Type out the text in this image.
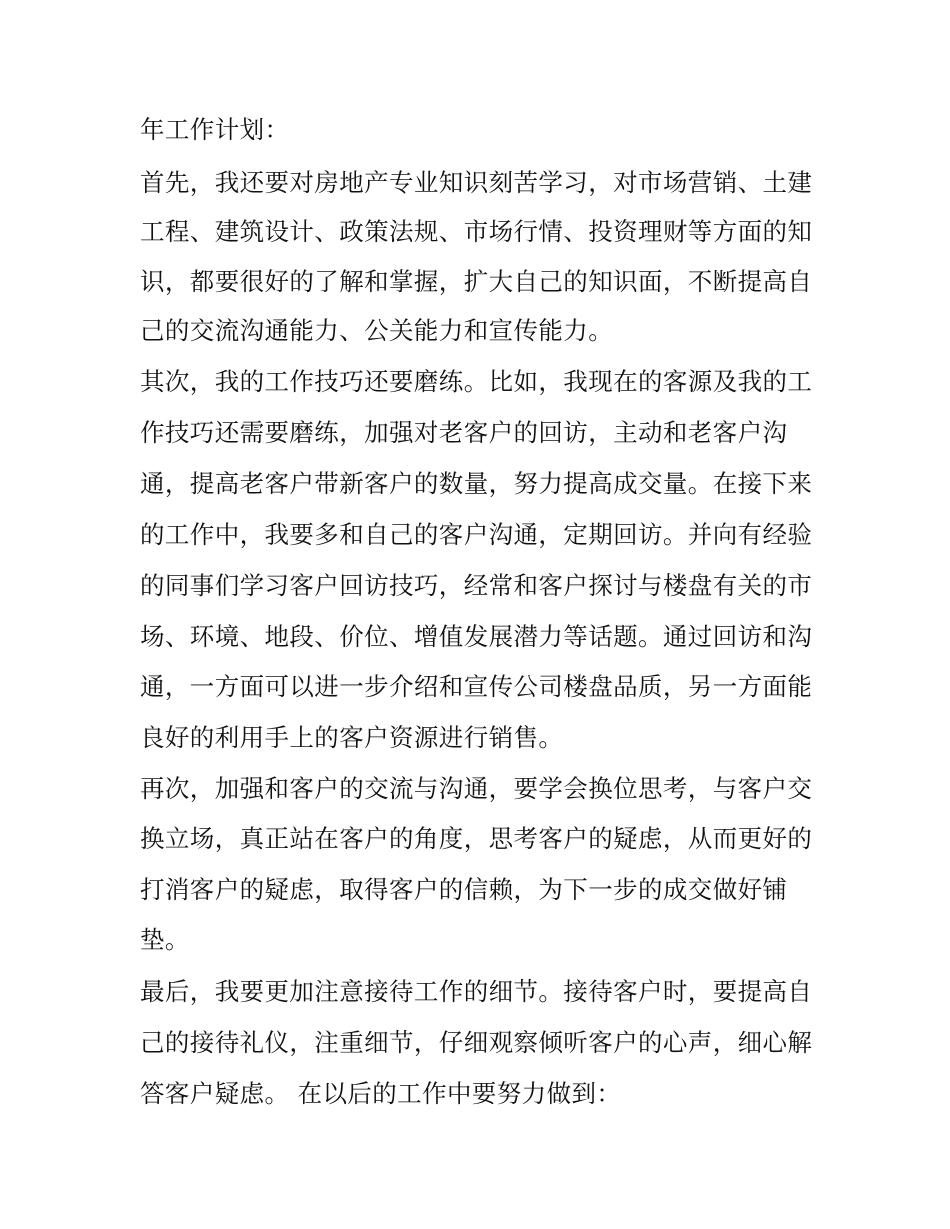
年工作计划：

首先，我还要对房地产专业知识刻苦学习，对市场营销、土建

工程、建筑设计、政策法规、市场行情、投资理财等方面的知

识，都要很好的了解和掌握，扩大自己的知识面，不断提高自

己的交流沟通能力、公关能力和宣传能力。

其次，我的工作技巧还要磨练。比如，我现在的客源及我的工

作技巧还需要磨练，加强对老客户的回访，主动和老客户沟

通，提高老客户带新客户的数量，努力提高成交量。在接下来

的工作中，我要多和自己的客户沟通，定期回访。并向有经验

的同事们学习客户回访技巧，经常和客户探讨与楼盘有关的市

场、环境、地段、价位、增值发展潜力等话题。通过回访和沟

通，一方面可以进一步介绍和宣传公司楼盘品质，另一方面能

良好的利用手上的客户资源进行销售。

再次，加强和客户的交流与沟通，要学会换位思考，与客户交

换立场，真正站在客户的角度，思考客户的疑虑，从而更好的

打消客户的疑虑，取得客户的信赖，为下一步的成交做好铺

垫。

最后，我要更加注意接待工作的细节。接待客户时，要提高自

己的接待礼仪，注重细节，仔细观察倾听客户的心声，细心解

答客户疑虑。 在以后的工作中要努力做到：
